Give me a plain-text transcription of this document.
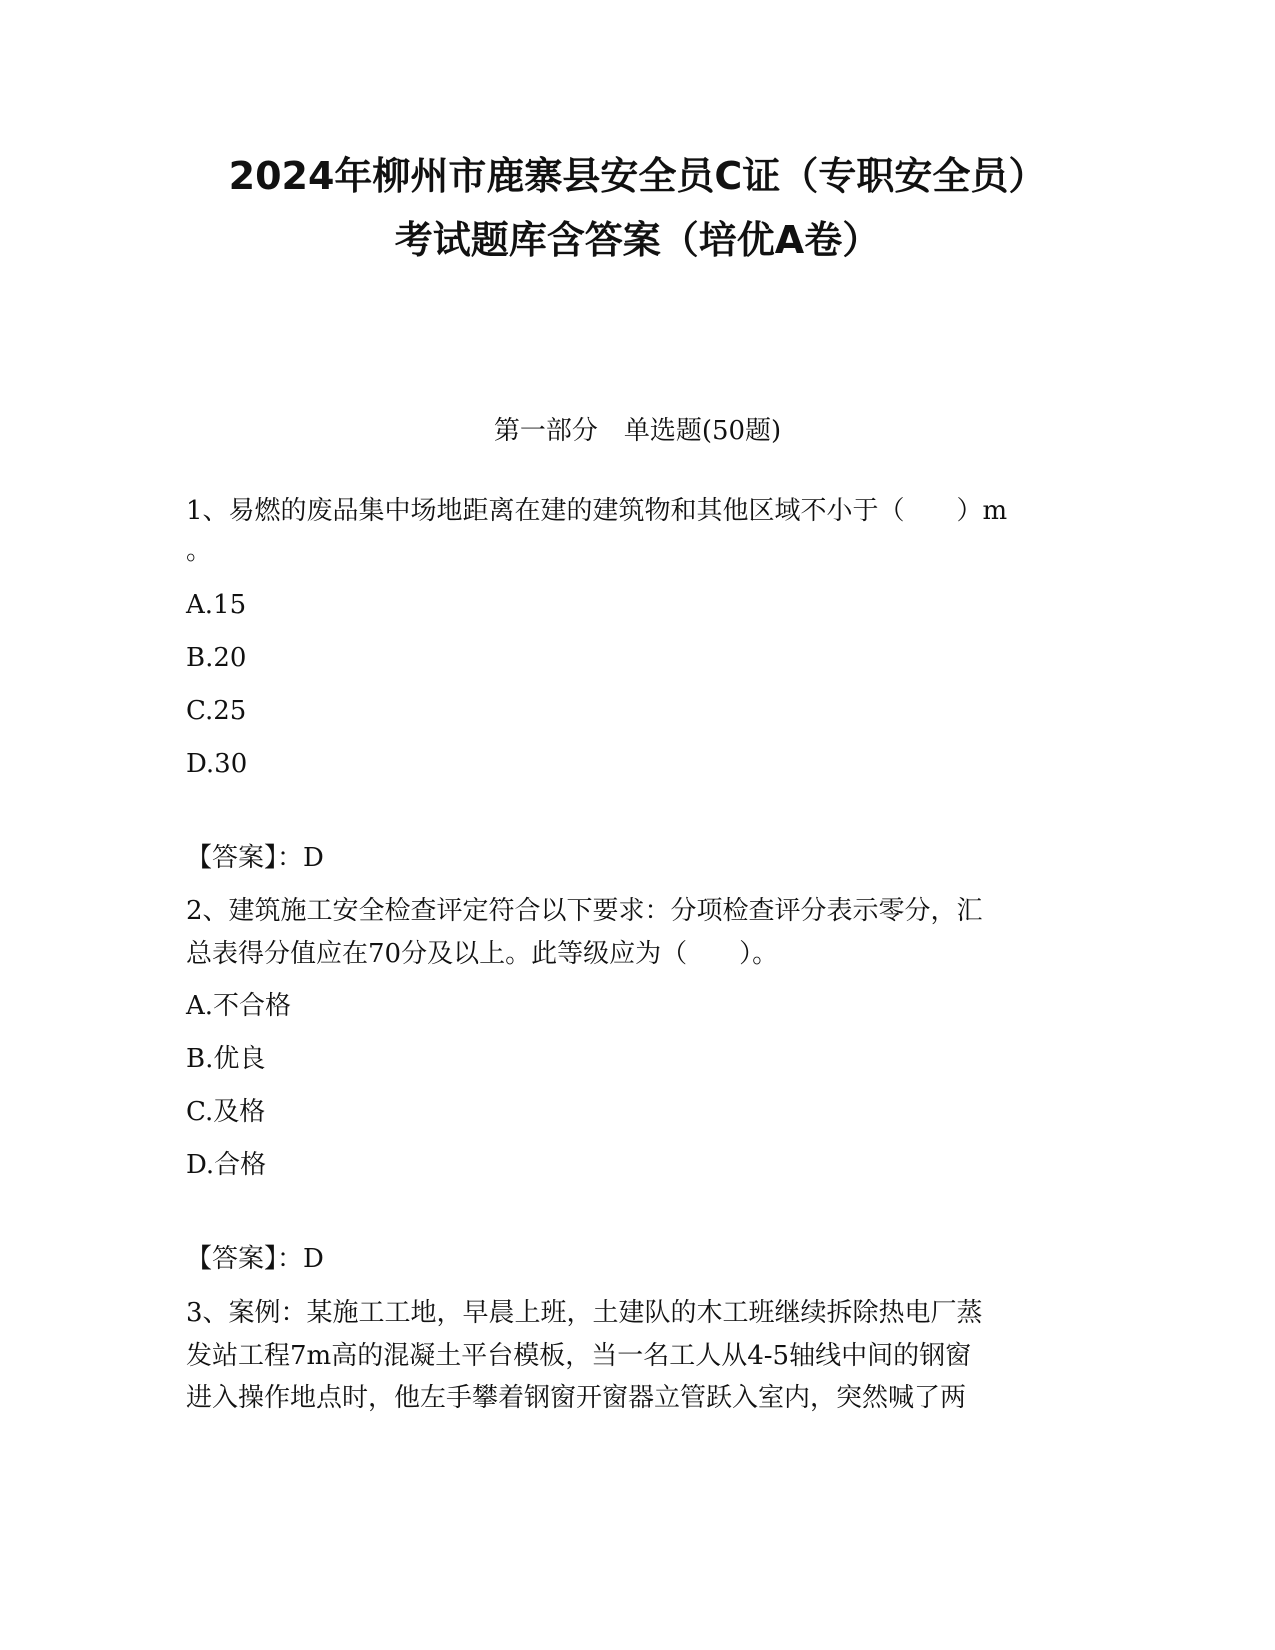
2024年柳州市鹿寨县安全员C证（专职安全员）
考试题库含答案（培优A卷）
第一部分　单选题(50题)
1、易燃的废品集中场地距离在建的建筑物和其他区域不小于（　　）m
。
A.15
B.20
C.25
D.30
【答案】：D
2、建筑施工安全检查评定符合以下要求：分项检查评分表示零分，汇
总表得分值应在70分及以上。此等级应为（　　）。
A.不合格
B.优良
C.及格
D.合格
【答案】：D
3、案例：某施工工地，早晨上班，土建队的木工班继续拆除热电厂蒸
发站工程7m高的混凝土平台模板，当一名工人从4-5轴线中间的钢窗
进入操作地点时，他左手攀着钢窗开窗器立管跃入室内，突然喊了两
